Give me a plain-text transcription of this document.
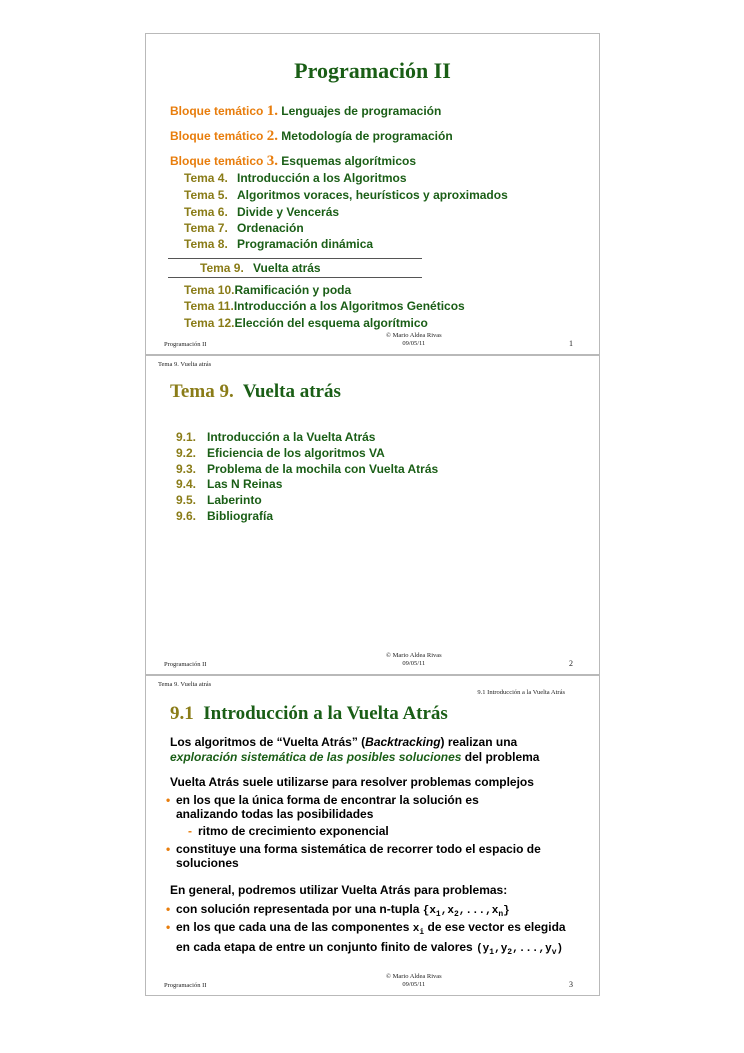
Programación II
Bloque temático 1. Lenguajes de programación
Bloque temático 2. Metodología de programación
Bloque temático 3. Esquemas algorítmicos
Tema 4. Introducción a los Algoritmos
Tema 5. Algoritmos voraces, heurísticos y aproximados
Tema 6. Divide y Vencerás
Tema 7. Ordenación
Tema 8. Programación dinámica
Tema 9. Vuelta atrás
Tema 10.Ramificación y poda
Tema 11.Introducción a los Algoritmos Genéticos
Tema 12.Elección del esquema algorítmico
Programación II
© Mario Aldea Rivas
09/05/11	1
Tema 9. Vuelta atrás
Tema 9. Vuelta atrás
9.1. Introducción a la Vuelta Atrás
9.2. Eficiencia de los algoritmos VA
9.3. Problema de la mochila con Vuelta Atrás
9.4. Las N Reinas
9.5. Laberinto
9.6. Bibliografía
Programación II
© Mario Aldea Rivas
09/05/11	2
Tema 9. Vuelta atrás
9.1 Introducción a la Vuelta Atrás
9.1 Introducción a la Vuelta Atrás
Los algoritmos de “Vuelta Atrás” (Backtracking) realizan una
exploración sistemática de las posibles soluciones del problema
Vuelta Atrás suele utilizarse para resolver problemas complejos
• en los que la única forma de encontrar la solución es analizando todas las posibilidades
- ritmo de crecimiento exponencial
• constituye una forma sistemática de recorrer todo el espacio de soluciones
En general, podremos utilizar Vuelta Atrás para problemas:
• con solución representada por una n-tupla $\{x_1,x_2,...,x_n\}$
• en los que cada una de las componentes $x_i$ de ese vector es elegida en cada etapa de entre un conjunto finito de valores $(y_1,y_2,...,y_v)$
Programación II
© Mario Aldea Rivas
09/05/11	3
